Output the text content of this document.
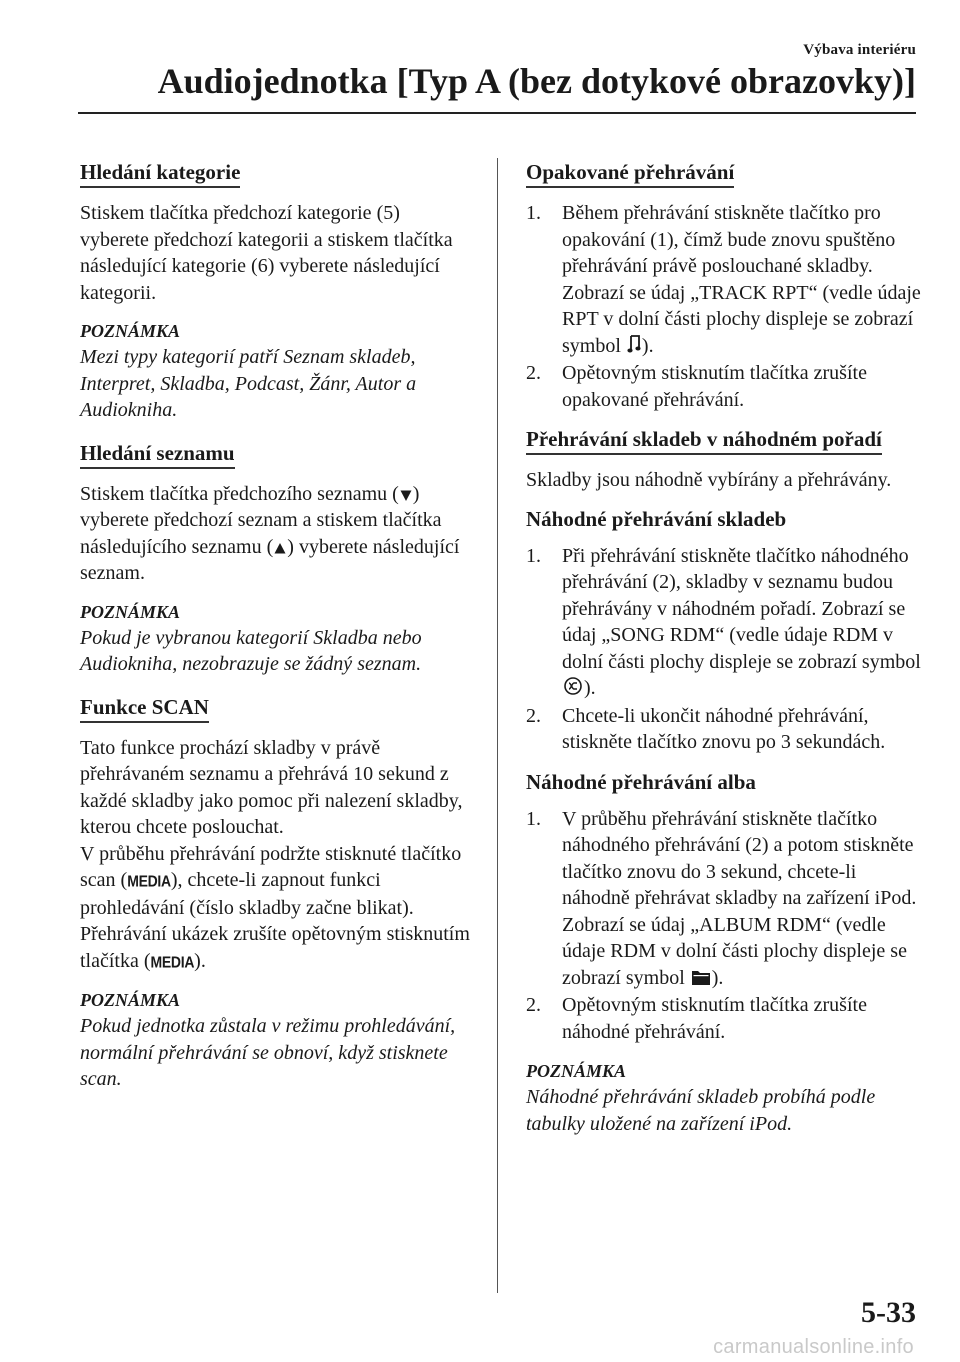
Výbava interiéru
Audiojednotka [Typ A (bez dotykové obrazovky)]
Hledání kategorie

Stiskem tlačítka předchozí kategorie (5) vyberete předchozí kategorii a stiskem tlačítka následující kategorie (6) vyberete následující kategorii.

POZNÁMKA
Mezi typy kategorií patří Seznam skladeb, Interpret, Skladba, Podcast, Žánr, Autor a Audiokniha.
Hledání seznamu

Stiskem tlačítka předchozího seznamu ( ) vyberete předchozí seznam a stiskem tlačítka následujícího seznamu ( ) vyberete následující seznam.

POZNÁMKA
Pokud je vybranou kategorií Skladba nebo Audiokniha, nezobrazuje se žádný seznam.
Funkce SCAN

Tato funkce prochází skladby v právě přehrávaném seznamu a přehrává 10 sekund z každé skladby jako pomoc při nalezení skladby, kterou chcete poslouchat.

V průběhu přehrávání podržte stisknuté tlačítko scan (MEDIA), chcete-li zapnout funkci prohledávání (číslo skladby začne blikat). Přehrávání ukázek zrušíte opětovným stisknutím tlačítka (MEDIA).

POZNÁMKA
Pokud jednotka zůstala v režimu prohledávání, normální přehrávání se obnoví, když stisknete scan.
Opakované přehrávání
1. Během přehrávání stiskněte tlačítko pro opakování (1), čímž bude znovu spuštěno přehrávání právě poslouchané skladby. Zobrazí se údaj „TRACK RPT“ (vedle údaje RPT v dolní části plochy displeje se zobrazí symbol ).
2. Opětovným stisknutím tlačítka zrušíte opakované přehrávání.
Přehrávání skladeb v náhodném pořadí

Skladby jsou náhodně vybírány a přehrávány.

Náhodné přehrávání skladeb
1. Při přehrávání stiskněte tlačítko náhodného přehrávání (2), skladby v seznamu budou přehrávány v náhodném pořadí. Zobrazí se údaj „SONG RDM“ (vedle údaje RDM v dolní části plochy displeje se zobrazí symbol ).
2. Chcete-li ukončit náhodné přehrávání, stiskněte tlačítko znovu po 3 sekundách.
Náhodné přehrávání alba
1. V průběhu přehrávání stiskněte tlačítko náhodného přehrávání (2) a potom stiskněte tlačítko znovu do 3 sekund, chcete-li náhodně přehrávat skladby na zařízení iPod. Zobrazí se údaj „ALBUM RDM“ (vedle údaje RDM v dolní části plochy displeje se zobrazí symbol ).
2. Opětovným stisknutím tlačítka zrušíte náhodné přehrávání.
POZNÁMKA
Náhodné přehrávání skladeb probíhá podle tabulky uložené na zařízení iPod.
5-33
carmanualsonline.info
